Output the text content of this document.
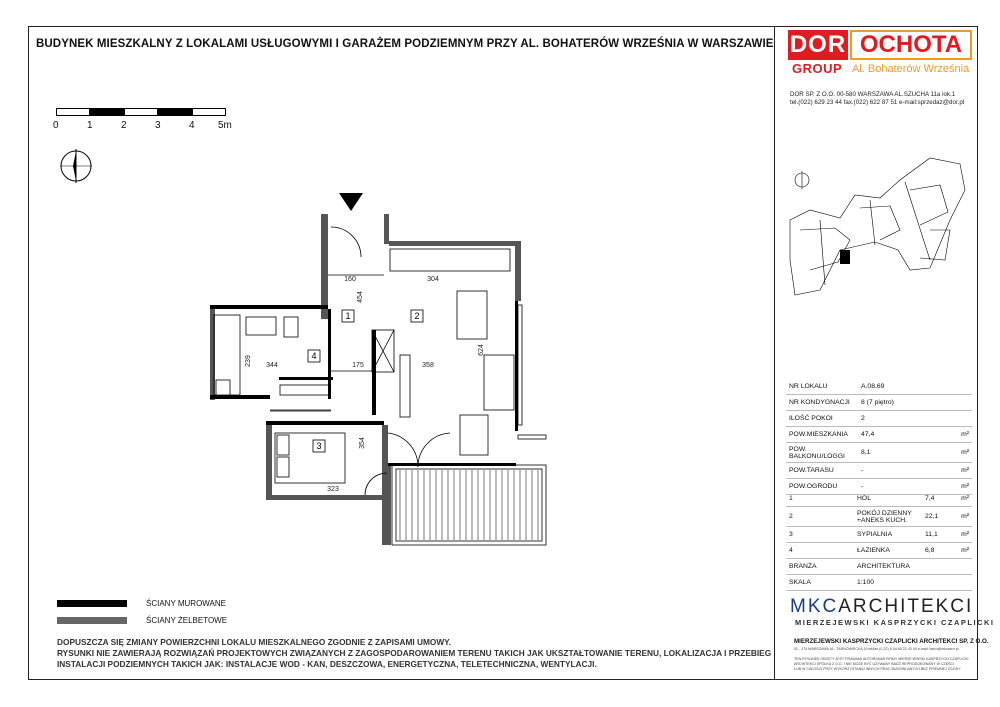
BUDYNEK MIESZKALNY Z LOKALAMI USŁUGOWYMI I GARAŻEM PODZIEMNYM PRZY AL. BOHATERÓW WRZEŚNIA W WARSZAWIE
0	1	2	3	4 5m
1	2
4
3
160	304
454
344
239	175	358
624
354
323
DOR OCHOTA
GROUP Al. Bohaterów Września
DOR SP. Z O.O. 00-580 WARSZAWA AL.SZUCHA 11a lok.1
tel.(022) 629 23 44 fax.(022) 622 87 51 e-mail:sprzedaz@dor.pl
NR LOKALU	A.08.69	
NR KONDYGNACJI	8 (7 piętro)	
ILOŚĆ POKOI	2	
POW.MIESZKANIA	47,4	m²
POW.
BALKONU/LOGGI	8,1	m²
POW.TARASU	-	m²
POW.OGRODU	-	m²
1	HOL	7,4	m²
2	POKÓJ DZIENNY
+ANEKS KUCH.	22,1	m²
3	SYPIALNIA	11,1	m²
4	ŁAZIENKA	6,8	m²
BRANŻA	ARCHITEKTURA		
SKALA	1:100		
ŚCIANY MUROWANE
ŚCIANY ŻELBETOWE
DOPUSZCZA SIĘ ZMIANY POWIERZCHNI LOKALU MIESZKALNEGO ZGODNIE Z ZAPISAMI UMOWY.
RYSUNKI NIE ZAWIERAJĄ ROZWIĄZAŃ PROJEKTOWYCH ZWIĄZANYCH Z ZAGOSPODAROWANIEM TERENU TAKICH JAK UKSZTAŁTOWANIE TERENU, LOKALIZACJA I PRZEBIEG
INSTALACJI PODZIEMNYCH TAKICH JAK: INSTALACJE WOD - KAN, DESZCZOWA, ENERGETYCZNA, TELETECHNICZNA, WENTYLACJI.
MKCARCHITEKCI
MIERZEJEWSKI KASPRZYCKI CZAPLICKI
MIERZEJEWSKI KASPRZYCKI CZAPLICKI ARCHITEKCI SP. Z O.O.
02 - 174 WARSZAWA UL. TARNOWIECKA 19 tel/fax (0-22) 6 44 65 22 43 44 e-mail: biuro@mkcarch.pl
TEN RYSUNEK OBJĘTY JEST PRAWAMI AUTORSKIMI FIRMY MIERZEJEWSKI KASPRZYCKI CZAPLICKI
ARCHITEKCI SPÓŁKA Z O.O. I NIE MOŻE BYĆ UŻYWANY BADŹ REPRODUKOWANY W CZĘŚCI
LUB W CAŁOŚCI PRZY WYKORZYSTANIU INNYCH PRAC BUDOWLANYCH BEZ PISEMNEJ ZGODY
